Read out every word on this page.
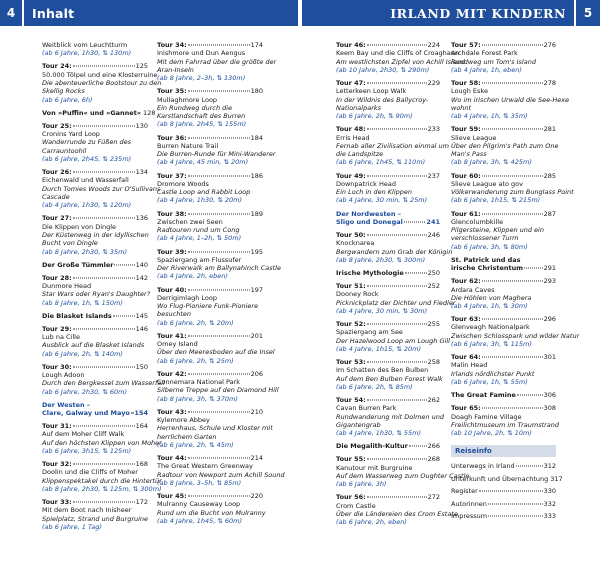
4	Inhalt	IRLAND MIT KINDERN	5
Weitblick vom Leuchtturm
(ab 6 Jahre, 1h30, ⇅ 130m)
Tour 24:	125
50.000 Tölpel und eine Klosterruine
Die abenteuerliche Bootstour zu den
Skellig Rocks
(ab 6 Jahre, 6h)
Von »Puffin« und »Gannet« 128
Tour 25:	130
Cronins Yard Loop
Wanderrunde zu Füßen des
Carrauntoohil
(ab 6 Jahre, 2h45, ⇅ 235m)
Tour 26:	134
Eichenwald und Wasserfall
Durch Tomies Woods zur O'Sullivans
Cascade
(ab 4 Jahre, 1h30, ⇅ 120m)
Tour 27:	136
Die Klippen von Dingle
Der Küstenweg in der idyllischen
Bucht von Dingle
(ab 8 Jahre, 2h30, ⇅ 35m)
Der Große Tümmler	140
Tour 28:	142
Dunmore Head
Star Wars oder Ryan's Daughter?
(ab 8 Jahre, 1h, ⇅ 150m)
Die Blasket Islands	145
Tour 29:	146
Lub na Cille
Ausblick auf die Blasket Islands
(ab 6 Jahre, 2h, ⇅ 140m)
Tour 30:	150
Lough Adoon
Durch den Bergkessel zum Wasserfall
(ab 6 Jahre, 2h30, ⇅ 60m)
Der Westen –
Clare, Galway und Mayo 154
Tour 31:	164
Auf dem Moher Cliff Walk
Auf den höchsten Klippen von Moher
(ab 6 Jahre, 3h15, ⇅ 125m)
Tour 32:	168
Doolin und die Cliffs of Moher
Klippenspektakel durch die Hintertür
(ab 8 Jahre, 2h30, ⇅ 125m, ⇅ 300m)
Tour 33:	172
Mit dem Boot nach Inisheer
Spielplatz, Strand und Burgruine
(ab 6 Jahre, 1 Tag)
Tour 34:	174
Inishmore und Dun Aengus
Mit dem Fahrrad über die größte der
Aran-Inseln
(ab 8 Jahre, 2–3h, ⇅ 130m)
Tour 35:	180
Mullaghmore Loop
Ein Rundweg durch die
Karstlandschaft des Burren
(ab 8 Jahre, 2h45, ⇅ 155m)
Tour 36:	184
Burren Nature Trail
Die Burren-Runde für Mini-Wanderer
(ab 4 Jahre, 45 min, ⇅ 20m)
Tour 37:	186
Dromore Woods
Castle Loop and Rabbit Loop
(ab 4 Jahre, 1h30, ⇅ 20m)
Tour 38:	189
Zwischen zwei Seen
Radtouren rund um Cong
(ab 4 Jahre, 1–2h, ⇅ 50m)
Tour 39:	195
Spaziergang am Flussufer
Der Riverwalk am Ballynahinch Castle
(ab 4 Jahre, 2h, eben)
Tour 40:	197
Derrigimlagh Loop
Wo Flug-Pioniere Funk-Pioniere
besuchten
(ab 6 Jahre, 2h, ⇅ 20m)
Tour 41:	201
Omey Island
Über den Meeresboden auf die Insel
(ab 6 Jahre, 2h, ⇅ 25m)
Tour 42:	206
Connemara National Park
Silberne Treppe auf den Diamond Hill
(ab 8 Jahre, 3h, ⇅ 370m)
Tour 43:	210
Kylemore Abbey
Herrenhaus, Schule und Kloster mit
herrlichem Garten
(ab 6 Jahre, 2h, ⇅ 45m)
Tour 44:	214
The Great Western Greenway
Radtour von Newport zum Achill Sound
(ab 8 Jahre, 3–5h, ⇅ 85m)
Tour 45:	220
Mulranny Causeway Loop
Rund um die Bucht von Mulranny
(ab 4 Jahre, 1h45, ⇅ 60m)
Tour 46:	224
Keem Bay und die Cliffs of Croaghaun
Am westlichsten Zipfel von Achill Island
(ab 10 Jahre, 2h30, ⇅ 290m)
Tour 47:	229
Letterkeen Loop Walk
In der Wildnis des Ballycroy-
Nationalparks
(ab 6 Jahre, 2h, ⇅ 90m)
Tour 48:	233
Erris Head
Fernab aller Zivilisation einmal um
die Landspitze
(ab 6 Jahre, 1h45, ⇅ 110m)
Tour 49:	237
Downpatrick Head
Ein Loch in den Klippen
(ab 4 Jahre, 30 min, ⇅ 25m)
Der Nordwesten –
Sligo und Donegal	241
Tour 50:	246
Knocknarea
Bergwandern zum Grab der Königin
(ab 8 Jahre, 2h30, ⇅ 300m)
Irische Mythologie	250
Tour 51:	252
Dooney Rock
Picknickplatz der Dichter und Fiedler
(ab 4 Jahre, 30 min, ⇅ 30m)
Tour 52:	255
Spaziergang am See
Der Hazelwood Loop am Lough Gill
(ab 4 Jahre, 1h15, ⇅ 20m)
Tour 53:	258
Im Schatten des Ben Bulben
Auf dem Ben Bulben Forest Walk
(ab 6 Jahre, 2h, ⇅ 85m)
Tour 54:	262
Cavan Burren Park
Rundwanderung mit Dolmen und
Gigantengrab
(ab 4 Jahre, 1h30, ⇅ 55m)
Die Megalith-Kultur	266
Tour 55:	268
Kanutour mit Burgruine
Auf dem Wasserweg zum Oughter Castle
(ab 6 Jahre, 3h)
Tour 56:	272
Crom Castle
Über die Ländereien des Crom Estate
(ab 6 Jahre, 2h, eben)
Tour 57:	276
Archdale Forest Park
Rundweg um Tom's Island
(ab 4 Jahre, 1h, eben)
Tour 58:	278
Lough Eske
Wo im irischen Urwald die See-Hexe
wohnt
(ab 4 Jahre, 1h, ⇅ 35m)
Tour 59:	281
Slieve League
Über den Pilgrim's Path zum One
Man's Pass
(ab 8 Jahre, 3h, ⇅ 425m)
Tour 60:	285
Slieve League ato gov
Völkerwanderung zum Bunglass Point
(ab 6 Jahre, 1h15, ⇅ 215m)
Tour 61:	287
Glencolumbkille
Pilgersteine, Klippen und ein
verschlossener Turm
(ab 6 Jahre, 3h, ⇅ 80m)
St. Patrick und das
irische Christentum	291
Tour 62:	293
Ardara Caves
Die Höhlen von Maghera
(ab 4 Jahre, 1h, ⇅ 30m)
Tour 63:	296
Glenveagh Nationalpark
Zwischen Schlosspark und wilder Natur
(ab 6 Jahre, 3h, ⇅ 115m)
Tour 64:	301
Malin Head
Irlands nördlichster Punkt
(ab 6 Jahre, 1h, ⇅ 55m)
The Great Famine	306
Tour 65:	308
Doagh Famine Village
Freilichtmuseum im Traumstrand
(ab 10 Jahre, 2h, ⇅ 10m)
Reiseinfo
Unterwegs in Irland	312
Unterkunft und Übernachtung 317
Register	330
Autorinnen	332
Impressum	333
